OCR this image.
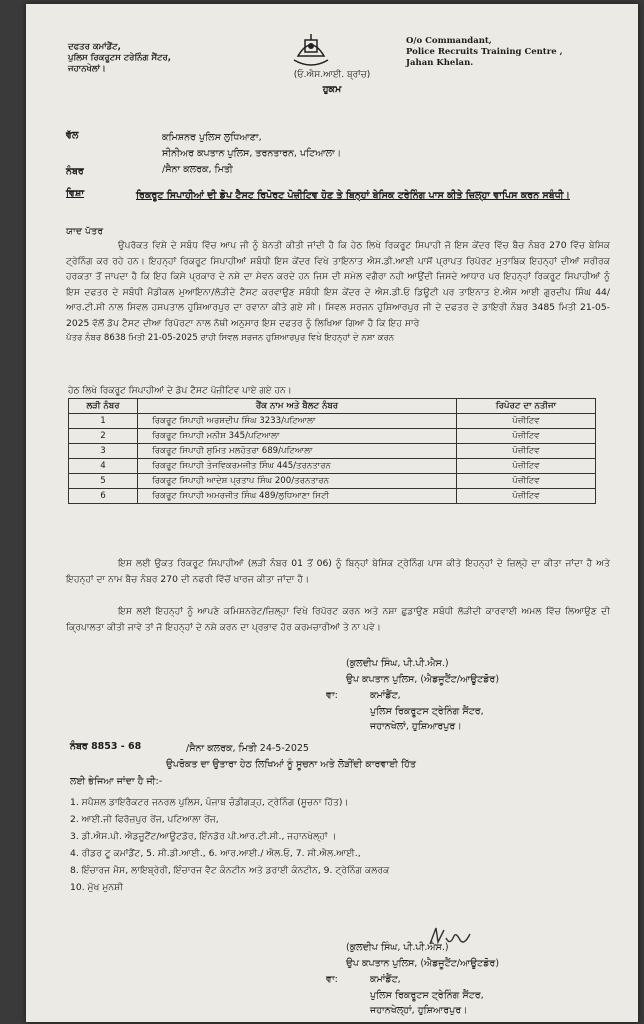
ਦਫਤਰ ਕਮਾਂਡੈਂਟ,
ਪੁਲਿਸ ਰਿਕਰੂਟਸ ਟਰੇਨਿੰਗ ਸੈਂਟਰ,
ਜਹਾਨਖੇਲਾਂ।
O/o Commandant,
Police Recruits Training Centre ,
Jahan Khelan.
(ਓ.ਐਸ.ਆਈ. ਬ੍ਰਾਂਚ)
ਹੁਕਮ
ਵੱਲ	ਕਮਿਸ਼ਨਰ ਪੁਲਿਸ ਲੁਧਿਆਣਾ,
ਸੀਨੀਅਰ ਕਪਤਾਨ ਪੁਲਿਸ, ਤਰਨਤਾਰਨ, ਪਟਿਆਲਾ।
/ਸੈਨਾ ਕਲਰਕ, ਮਿਤੀ
ਨੰਬਰ
ਵਿਸ਼ਾ	ਰਿਕਰੂਟ ਸਿਪਾਹੀਆਂ ਦੀ ਡੋਪ ਟੈਸਟ ਰਿਪੋਰਟ ਪੋਜ਼ੀਟਿਵ ਹੋਣ ਤੇ ਬਿਨ੍ਹਾਂ ਬੇਸਿਕ ਟਰੇਨਿੰਗ ਪਾਸ ਕੀਤੇ ਜ਼ਿਲ੍ਹਾ ਵਾਪਿਸ ਕਰਨ ਸਬੰਧੀ।
ਯਾਦ ਪੱਤਰ

ਉਪਰੋਕਤ ਵਿਸ਼ੇ ਦੇ ਸਬੰਧ ਵਿੱਚ ਆਪ ਜੀ ਨੂੰ ਬੇਨਤੀ ਕੀਤੀ ਜਾਂਦੀ ਹੈ ਕਿ ਹੇਠ ਲਿਖੇ ਰਿਕਰੂਟ ਸਿਪਾਹੀ ਜੋ ਇਸ ਕੇਂਦਰ ਵਿੱਚ ਬੈਚ ਨੰਬਰ 270 ਵਿੱਚ ਬੇਸਿਕ ਟ੍ਰੇਨਿੰਗ ਕਰ ਰਹੇ ਹਨ। ਇਹਨ੍ਹਾਂ ਰਿਕਰੂਟ ਸਿਪਾਹੀਆਂ ਸਬੰਧੀ ਇਸ ਕੇਂਦਰ ਵਿਖੇ ਤਾਇਨਾਤ ਐਸ.ਡੀ.ਆਈ ਪਾਸੋਂ ਪ੍ਰਾਪਤ ਰਿਪੋਰਟ ਮੁਤਾਬਿਕ ਇਹਨ੍ਹਾਂ ਦੀਆਂ ਸਰੀਰਕ ਹਰਕਤਾ ਤੋਂ ਜਾਪਦਾ ਹੈ ਕਿ ਇਹ ਕਿਸੇ ਪ੍ਰਕਾਰ ਦੇ ਨਸ਼ੇ ਦਾ ਸੇਵਨ ਕਰਦੇ ਹਨ ਜਿਸ ਦੀ ਸਮੇਲ ਵਗੈਰਾ ਨਹੀ ਆਉਂਦੀ ਜਿਸਦੇ ਆਧਾਰ ਪਰ ਇਹਨ੍ਹਾਂ ਰਿਕਰੂਟ ਸਿਪਾਹੀਆਂ ਨੂੰ ਇਸ ਦਫਤਰ ਦੇ ਸਬੰਧੀ ਮੈਡੀਕਲ ਮੁਆਇਨਾ/ਲੋੜੀਦੇ ਟੈਸਟ ਕਰਵਾਉਣ ਸਬੰਧੀ ਇਸ ਕੇਂਦਰ ਦੇ ਐਸ.ਡੀ.ਓ ਡਿਊਟੀ ਪਰ ਤਾਇਨਾਤ ਏ.ਐਸ ਆਈ ਗੁਰਦੀਪ ਸਿੰਘ 44/ਆਰ.ਟੀ.ਸੀ ਨਾਲ ਸਿਵਲ ਹਸਪਤਾਲ ਹੁਸ਼ਿਆਰਪੁਰ ਦਾ ਰਵਾਨਾ ਕੀਤੇ ਗਏ ਸੀ। ਸਿਵਲ ਸਰਜਨ ਹੁਸ਼ਿਆਰਪੁਰ ਜੀ ਦੇ ਦਫਤਰ ਦੇ ਡਾਇਰੀ ਨੰਬਰ 3485 ਮਿਤੀ 21-05-2025 ਵੱਲੋਂ ਡੋਪ ਟੈਸਟ ਦੀਆ ਰਿਪੋਰਟਾ ਨਾਲ ਨੱਥੀ ਅਨੁਸਾਰ ਇਸ ਦਫਤਰ ਨੂੰ ਲਿਖਿਆ ਗਿਆ ਹੈ ਕਿ ਇਹ ਸਾਰੇ

ਪੱਤਰ ਨੰਬਰ 8638 ਮਿਤੀ 21-05-2025 ਰਾਹੀ ਸਿਵਲ ਸਰਜਨ ਹੁਸ਼ਿਆਰਪੁਰ ਵਿਖੇ ਇਹਨ੍ਹਾਂ ਦੇ ਨਸ਼ਾ ਕਰਨ

ਹੇਠ ਲਿਖੇ ਰਿਕਰੂਟ ਸਿਪਾਹੀਆਂ ਦੇ ਡੋਪ ਟੈਸਟ ਪੋਜ਼ੀਟਿਵ ਪਾਏ ਗਏ ਹਨ।
ਲੜੀ ਨੰਬਰ	ਰੈਂਕ ਨਾਮ ਅਤੇ ਬੈਲਟ ਨੰਬਰ	ਰਿਪੋਰਟ ਦਾ ਨਤੀਜਾ
1	ਰਿਕਰੂਟ ਸਿਪਾਹੀ ਅਰਸ਼ਦੀਪ ਸਿੰਘ 3233/ਪਟਿਆਲਾ	ਪੋਜ਼ੀਟਿਵ
2	ਰਿਕਰੂਟ ਸਿਪਾਹੀ ਮਨੀਸ਼ 345/ਪਟਿਆਲਾ	ਪੋਜ਼ੀਟਿਵ
3	ਰਿਕਰੂਟ ਸਿਪਾਹੀ ਸੁਮਿਤ ਮਲਹੋਤਰਾ 689/ਪਟਿਆਲਾ	ਪੋਜ਼ੀਟਿਵ
4	ਰਿਕਰੂਟ ਸਿਪਾਹੀ ਤੇਜਵਿਕਰਮਜੀਤ ਸਿੰਘ 445/ਤਰਨਤਾਰਨ	ਪੋਜ਼ੀਟਿਵ
5	ਰਿਕਰੂਟ ਸਿਪਾਹੀ ਆਦੇਸ਼ ਪ੍ਰਤਾਪ ਸਿੰਘ 200/ਤਰਨਤਾਰਨ	ਪੋਜ਼ੀਟਿਵ
6	ਰਿਕਰੂਟ ਸਿਪਾਹੀ ਅਮਰਜੀਤ ਸਿੰਘ 489/ਲੁਧਿਆਣਾ ਸਿਟੀ	ਪੋਜ਼ੀਟਿਵ

ਇਸ ਲਈ ਉਕਤ ਰਿਕਰੂਟ ਸਿਪਾਹੀਆਂ (ਲੜੀ ਨੰਬਰ 01 ਤੋਂ 06) ਨੂੰ ਬਿਨ੍ਹਾਂ ਬੇਸਿਕ ਟ੍ਰੇਨਿੰਗ ਪਾਸ ਕੀਤੇ ਇਹਨ੍ਹਾਂ ਦੇ ਜ਼ਿਲ੍ਹੇ ਦਾ ਕੀਤਾ ਜਾਂਦਾ ਹੈ ਅਤੇ ਇਹਨ੍ਹਾਂ ਦਾ ਨਾਮ ਬੈਚ ਨੰਬਰ 270 ਦੀ ਨਫਰੀ ਵਿੱਚੋਂ ਖਾਰਜ ਕੀਤਾ ਜਾਂਦਾ ਹੈ।

ਇਸ ਲਈ ਇਹਨ੍ਹਾਂ ਨੂੰ ਆਪਣੇ ਕਮਿਸ਼ਨਰੇਟ/ਜ਼ਿਲ੍ਹਾ ਵਿਖੇ ਰਿਪੋਰਟ ਕਰਨ ਅਤੇ ਨਸ਼ਾ ਛੁਡਾਉਣ ਸਬੰਧੀ ਲੋੜੀਦੀ ਕਾਰਵਾਈ ਅਮਲ ਵਿੱਚ ਲਿਆਉਣ ਦੀ ਕ੍ਰਿਪਾਲਤਾ ਕੀਤੀ ਜਾਵੇ ਤਾਂ ਜੋ ਇਹਨ੍ਹਾਂ ਦੇ ਨਸ਼ੇ ਕਰਨ ਦਾ ਪ੍ਰਭਾਵ ਹੋਰ ਕਰਮਚਾਰੀਆਂ ਤੇ ਨਾ ਪਵੇ।

(ਕੁਲਦੀਪ ਸਿੰਘ, ਪੀ.ਪੀ.ਐਸ.)
ਉਪ ਕਪਤਾਨ ਪੁਲਿਸ, (ਐਡਜੂਟੈਂਟ/ਆਊਟਡੋਰ)
ਵਾ:	ਕਮਾਂਡੈਂਟ,
ਪੁਲਿਸ ਰਿਕਰੂਟਸ ਟ੍ਰੇਨਿੰਗ ਸੈਂਟਰ,
ਜਹਾਨਖੇਲਾਂ, ਹੁਸ਼ਿਆਰਪੁਰ।
ਨੰਬਰ 8853 - 68	/ਸੈਨਾ ਕਲਰਕ, ਮਿਤੀ 24-5-2025
ਉਪਰੋਕਤ ਦਾ ਉਤਾਰਾ ਹੇਠ ਲਿਖਿਆਂ ਨੂੰ ਸੂਚਨਾ ਅਤੇ ਲੋੜੀਂਦੀ ਕਾਰਵਾਈ ਹਿੱਤ
ਲਈ ਭੇਜਿਆ ਜਾਂਦਾ ਹੈ ਜੀ:-
1. ਸਪੈਸ਼ਲ ਡਾਇਰੈਕਟਰ ਜਨਰਲ ਪੁਲਿਸ, ਪੰਜਾਬ ਚੰਡੀਗੜ੍ਹ, ਟ੍ਰੇਨਿੰਗ (ਸੂਚਨਾ ਹਿੱਤ)।
2. ਆਈ.ਜੀ ਫਿਰੋਜ਼ਪੁਰ ਰੇਂਜ, ਪਟਿਆਲਾ ਰੇਂਜ,
3. ਡੀ.ਐਸ.ਪੀ. ਐਡਜੂਟੈਂਟ/ਆਊਟਡੋਰ, ਇੰਨਡੋਰ ਪੀ.ਆਰ.ਟੀ.ਸੀ., ਜਹਾਨਖੇਲ੍ਹਾਂ ।
4. ਰੀਡਰ ਟੂ ਕਮਾਂਡੈਂਟ, 5. ਸੀ.ਡੀ.ਆਈ., 6. ਆਰ.ਆਈ./ ਐਲ.ਓ, 7. ਸੀ.ਐਲ.ਆਈ.,
8. ਇੰਚਾਰਜ ਮੈਸ, ਲਾਇਬ੍ਰੇਰੀ, ਇੰਚਾਰਜ ਵੈਟ ਕੰਨਟੀਨ ਅਤੇ ਡਰਾਈ ਕੰਨਟੀਨ, 9. ਟ੍ਰੇਨਿੰਗ ਕਲਰਕ
10. ਮੁੱਖ ਮੁਨਸ਼ੀ
(ਕੁਲਦੀਪ ਸਿੰਘ, ਪੀ.ਪੀ.ਐਸ.)
ਉਪ ਕਪਤਾਨ ਪੁਲਿਸ, (ਐਡਜੂਟੈਂਟ/ਆਊਟਡੋਰ)
ਵਾ:	ਕਮਾਂਡੈਂਟ,
ਪੁਲਿਸ ਰਿਕਰੂਟਸ ਟ੍ਰੇਨਿੰਗ ਸੈਂਟਰ,
ਜਹਾਨਖੇਲ੍ਹਾਂ, ਹੁਸ਼ਿਆਰਪੁਰ।
